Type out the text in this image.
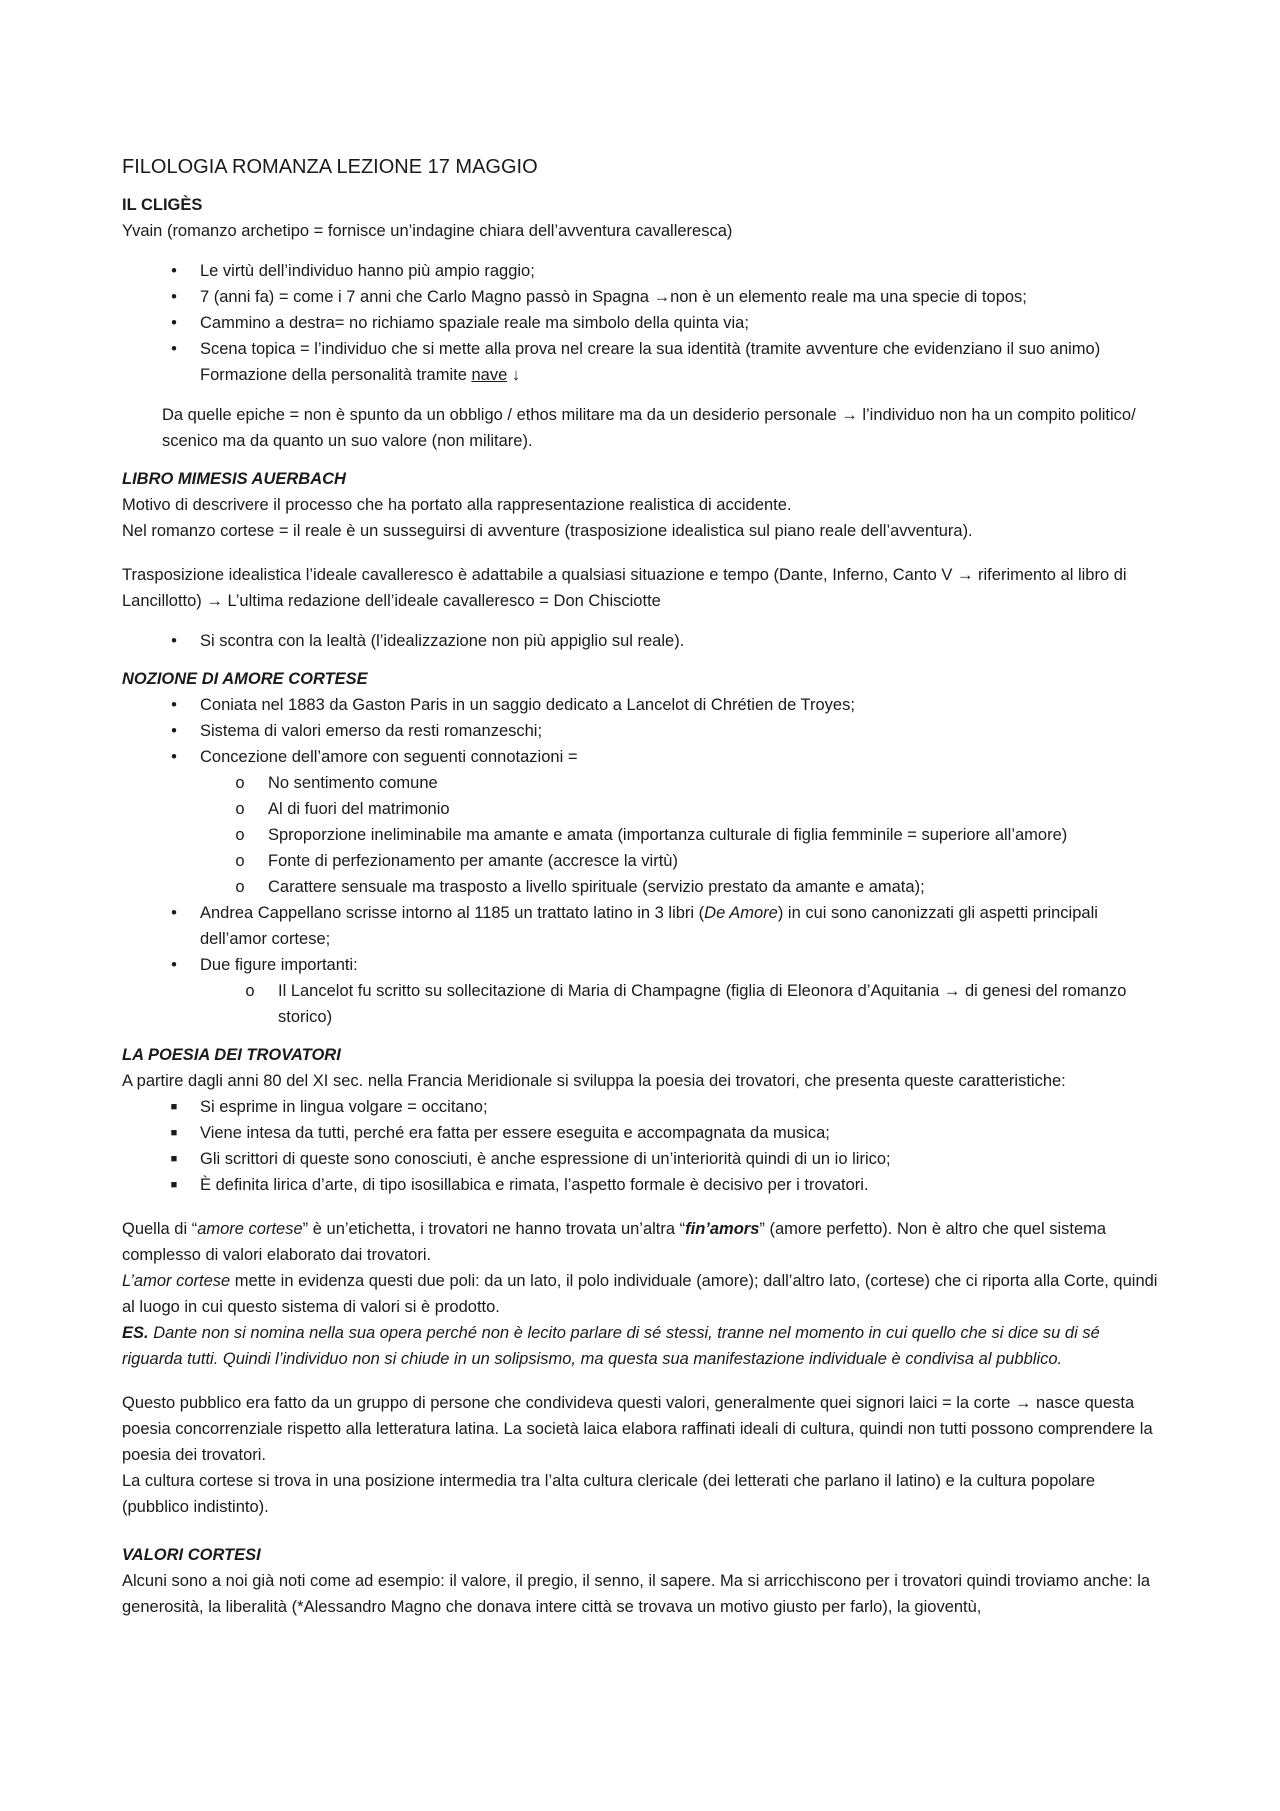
FILOLOGIA ROMANZA LEZIONE 17 MAGGIO
IL CLIGÈS

Yvain (romanzo archetipo = fornisce un’indagine chiara dell’avventura cavalleresca)

•	Le virtù dell’individuo hanno più ampio raggio;
•	7 (anni fa) = come i 7 anni che Carlo Magno passò in Spagna →non è un elemento reale ma una specie di topos;
•	Cammino a destra= no richiamo spaziale reale ma simbolo della quinta via;
•	Scena topica = l’individuo che si mette alla prova nel creare la sua identità (tramite avventure che evidenziano il suo animo)

Formazione della personalità tramite nave ↓

Da quelle epiche = non è spunto da un obbligo / ethos militare ma da un desiderio personale → l’individuo non ha un compito politico/ scenico ma da quanto un suo valore (non militare).

LIBRO MIMESIS AUERBACH

Motivo di descrivere il processo che ha portato alla rappresentazione realistica di accidente.

Nel romanzo cortese = il reale è un susseguirsi di avventure (trasposizione idealistica sul piano reale dell’avventura).

Trasposizione idealistica l’ideale cavalleresco è adattabile a qualsiasi situazione e tempo (Dante, Inferno, Canto V → riferimento al libro di Lancillotto) → L’ultima redazione dell’ideale cavalleresco = Don Chisciotte

•	Si scontra con la lealtà (l’idealizzazione non più appiglio sul reale).
NOZIONE DI AMORE CORTESE
•	Coniata nel 1883 da Gaston Paris in un saggio dedicato a Lancelot di Chrétien de Troyes;
•	Sistema di valori emerso da resti romanzeschi;
•	Concezione dell’amore con seguenti connotazioni =
o	No sentimento comune
o	Al di fuori del matrimonio
o	Sproporzione ineliminabile ma amante e amata (importanza culturale di figlia femminile = superiore all’amore)
o	Fonte di perfezionamento per amante (accresce la virtù)
o	Carattere sensuale ma trasposto a livello spirituale (servizio prestato da amante e amata);
•	Andrea Cappellano scrisse intorno al 1185 un trattato latino in 3 libri (De Amore) in cui sono canonizzati gli aspetti principali dell’amor cortese;
•	Due figure importanti:
o	Il Lancelot fu scritto su sollecitazione di Maria di Champagne (figlia di Eleonora d’Aquitania → di genesi del romanzo storico)
LA POESIA DEI TROVATORI

A partire dagli anni 80 del XI sec. nella Francia Meridionale si sviluppa la poesia dei trovatori, che presenta queste caratteristiche:

■	Si esprime in lingua volgare = occitano;
■	Viene intesa da tutti, perché era fatta per essere eseguita e accompagnata da musica;
■	Gli scrittori di queste sono conosciuti, è anche espressione di un’interiorità quindi di un io lirico;
■	È definita lirica d’arte, di tipo isosillabica e rimata, l’aspetto formale è decisivo per i trovatori.

Quella di “amore cortese” è un’etichetta, i trovatori ne hanno trovata un’altra “fin’amors” (amore perfetto). Non è altro che quel sistema complesso di valori elaborato dai trovatori.

L’amor cortese mette in evidenza questi due poli: da un lato, il polo individuale (amore); dall’altro lato, (cortese) che ci riporta alla Corte, quindi al luogo in cui questo sistema di valori si è prodotto.

ES. Dante non si nomina nella sua opera perché non è lecito parlare di sé stessi, tranne nel momento in cui quello che si dice su di sé riguarda tutti. Quindi l’individuo non si chiude in un solipsismo, ma questa sua manifestazione individuale è condivisa al pubblico.

Questo pubblico era fatto da un gruppo di persone che condivideva questi valori, generalmente quei signori laici = la corte → nasce questa poesia concorrenziale rispetto alla letteratura latina. La società laica elabora raffinati ideali di cultura, quindi non tutti possono comprendere la poesia dei trovatori.

La cultura cortese si trova in una posizione intermedia tra l’alta cultura clericale (dei letterati che parlano il latino) e la cultura popolare (pubblico indistinto).

VALORI CORTESI

Alcuni sono a noi già noti come ad esempio: il valore, il pregio, il senno, il sapere. Ma si arricchiscono per i trovatori quindi troviamo anche: la generosità, la liberalità (*Alessandro Magno che donava intere città se trovava un motivo giusto per farlo), la gioventù,
